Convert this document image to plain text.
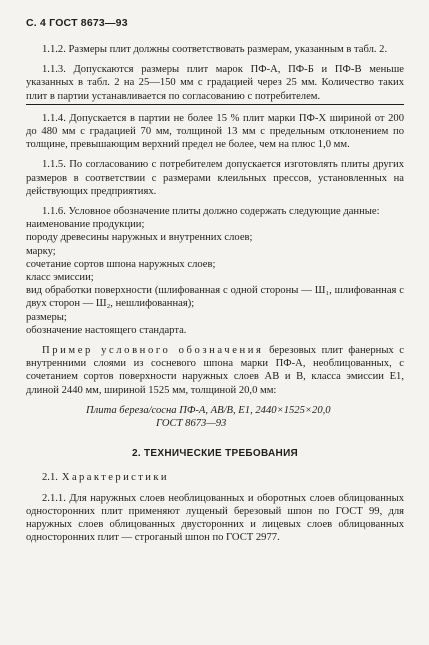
С. 4 ГОСТ 8673—93

1.1.2. Размеры плит должны соответствовать размерам, указанным в табл. 2.

1.1.3. Допускаются размеры плит марок ПФ-А, ПФ-Б и ПФ-В меньше указанных в табл. 2 на 25—150 мм с градацией через 25 мм. Количество таких плит в партии устанавливается по согласованию с потребителем.

1.1.4. Допускается в партии не более 15 % плит марки ПФ-Х шириной от 200 до 480 мм с градацией 70 мм, толщиной 13 мм с предельным отклонением по толщине, превышающим верхний предел не более, чем на плюс 1,0 мм.

1.1.5. По согласованию с потребителем допускается изготовлять плиты других размеров в соответствии с размерами клеильных прессов, установленных на действующих предприятиях.

1.1.6. Условное обозначение плиты должно содержать следующие данные:

наименование продукции;

породу древесины наружных и внутренних слоев;

марку;

сочетание сортов шпона наружных слоев;

класс эмиссии;

вид обработки поверхности (шлифованная с одной стороны — Ш₁, шлифованная с двух сторон — Ш₂, нешлифованная);

размеры;

обозначение настоящего стандарта.

Пример условного обозначения березовых плит фанерных с внутренними слоями из сосневого шпона марки ПФ-А, необлицованных, с сочетанием сортов поверхности наружных слоев АВ и В, класса эмиссии Е1, длиной 2440 мм, шириной 1525 мм, толщиной 20,0 мм:

Плита береза/сосна ПФ-А, АВ/В, Е1, 2440×1525×20,0
ГОСТ 8673—93
2. ТЕХНИЧЕСКИЕ ТРЕБОВАНИЯ

2.1. Характеристики

2.1.1. Для наружных слоев необлицованных и оборотных слоев облицованных односторонних плит применяют лущеный березовый шпон по ГОСТ 99, для наружных слоев облицованных двусторонних и лицевых слоев облицованных односторонних плит — строганый шпон по ГОСТ 2977.
